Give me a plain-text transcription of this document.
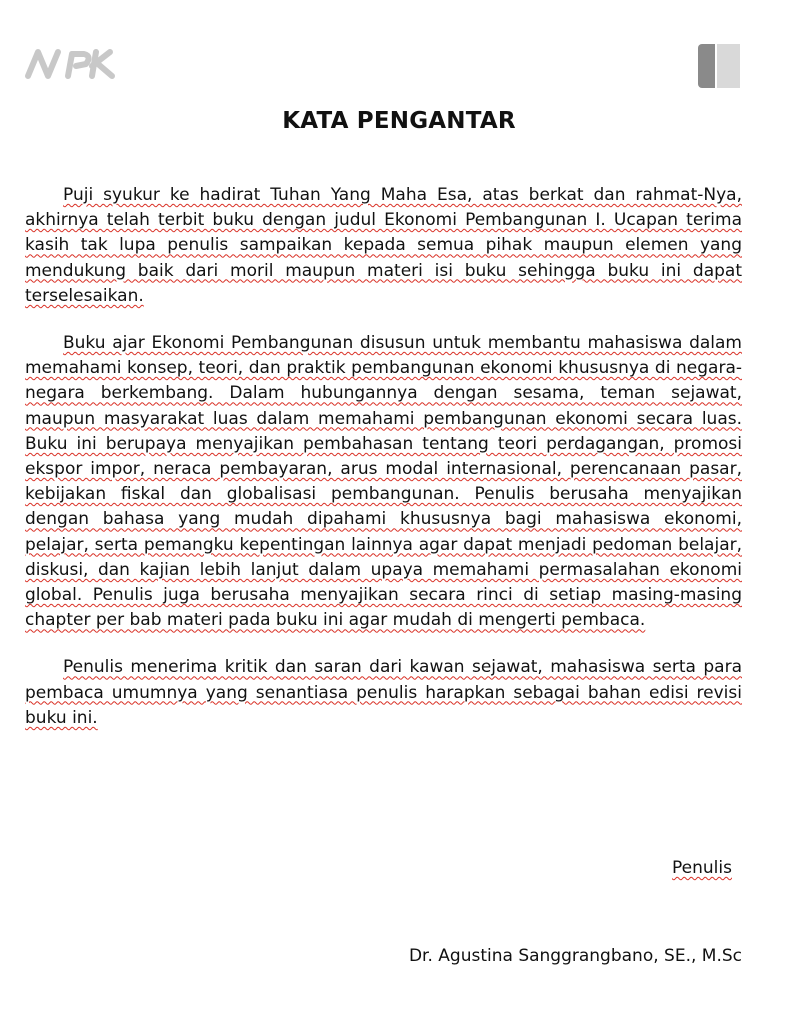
KATA PENGANTAR

Puji syukur ke hadirat Tuhan Yang Maha Esa, atas berkat dan rahmat-Nya, akhirnya telah terbit buku dengan judul Ekonomi Pembangunan I. Ucapan terima kasih tak lupa penulis sampaikan kepada semua pihak maupun elemen yang mendukung baik dari moril maupun materi isi buku sehingga buku ini dapat terselesaikan.

Buku ajar Ekonomi Pembangunan disusun untuk membantu mahasiswa dalam memahami konsep, teori, dan praktik pembangunan ekonomi khususnya di negara-negara berkembang. Dalam hubungannya dengan sesama, teman sejawat, maupun masyarakat luas dalam memahami pembangunan ekonomi secara luas. Buku ini berupaya menyajikan pembahasan tentang teori perdagangan, promosi ekspor impor, neraca pembayaran, arus modal internasional, perencanaan pasar, kebijakan fiskal dan globalisasi pembangunan. Penulis berusaha menyajikan dengan bahasa yang mudah dipahami khususnya bagi mahasiswa ekonomi, pelajar, serta pemangku kepentingan lainnya agar dapat menjadi pedoman belajar, diskusi, dan kajian lebih lanjut dalam upaya memahami permasalahan ekonomi global. Penulis juga berusaha menyajikan secara rinci di setiap masing-masing chapter per bab materi pada buku ini agar mudah di mengerti pembaca.

Penulis menerima kritik dan saran dari kawan sejawat, mahasiswa serta para pembaca umumnya yang senantiasa penulis harapkan sebagai bahan edisi revisi buku ini.

Penulis
Dr. Agustina Sanggrangbano, SE., M.Sc
